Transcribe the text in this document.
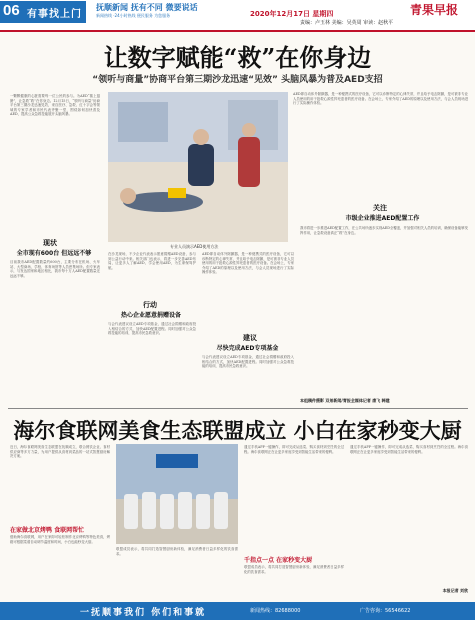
06 有事找上门
抚顺新闻 抚有不同 微要说话
新闻热线 ·24小时热线 便民服务 为您服务	2020年12月17日 星期四	青果早报
责编：卢玉林 美编：吴英周 审读：赵秋平
让数字赋能“救”在你身边
“领听与商量”协商平台第三期沙龙迅速“见效” 头脑风暴为普及AED支招
一颗颗健康的心脏需要每一位公民的参与。为AED“插上翅膀”，让急救“救”在你身边。12月15日，“领听与商量”协商平台第三期沙龙迅速见效，来自医疗、急救、红十字会等领域的专家学者和市民代表齐聚一堂，围绕如何加快普及AED、提高公众急救技能展开头脑风暴。
专业人员演示AED使用方法
AED即自动体外除颤器，是一种便携式的医疗设备，它可以诊断特定的心律失常，并且给予电击除颤，是可被非专业人员使用的用于抢救心源性猝死患者的医疗设备。在会场上，专家介绍了AED的原理以及使用方法，与会人员现场进行了实际操作体验。
关注
市级企业推进AED配置工作
我市将进一步推进AED配置工作，在公共场所逐步实现AED全覆盖，并加强对相关人员的培训，确保设备能够发挥作用，让急救设备真正“救”在身边。
现状
全市现有600台 但远远不够
目前我市AED配置数量约600台，主要分布在机场、火车站、大型商场、学校、体育场馆等人员密集场所。但专家表示，与发达国家和地区相比，我市每十万人AED配置数量还远远不够。
在沙龙现场，不少企业代表表示愿意捐赠AED设备，参与到公益行动中来。相关部门也表示，将进一步完善AED布局，让更多人了解AED、学会使用AED，为生命保驾护航。
行动
热心企业愿意捐赠设备
与会代表建议设立AED专项基金，通过社会捐赠和政府投入相结合的方式，加快AED配置进程。同时加强对公众急救技能的培训，提高市民急救意识。
AED即自动体外除颤器，是一种便携式的医疗设备，它可以诊断特定的心律失常，并且给予电击除颤，是可被非专业人员使用的用于抢救心源性猝死患者的医疗设备。在会场上，专家介绍了AED的原理以及使用方法，与会人员现场进行了实际操作体验。
建议
尽快完成AED专项基金
与会代表建议设立AED专项基金，通过社会捐赠和政府投入相结合的方式，加快AED配置进程。同时加强对公众急救技能的培训，提高市民急救意识。
本组稿件摄影 双弟新闻/青报全媒体记者 康飞 韩建
海尔食联网美食生态联盟成立 小白在家秒变大厨
近日，海尔食联网美食生态联盟在抚顺成立，联合餐饮企业、食材供应商等多方力量，为用户提供从食材到菜品的一站式智慧厨房解决方案。
在家做北京烤鸭 食联网帮忙
借助海尔食联网，用户在家即可轻松制作北京烤鸭等特色美食，烤箱可根据菜谱自动调节温度和时间，小白也能秒变大厨。
联盟成员表示，将共同打造智慧厨房新体验，满足消费者日益多样化的饮食需求。
通过手机APP一键操作，即可完成从选菜、购买食材到烹饪的全过程。海尔食联网正在让更多家庭享受到智能生活带来的便利。
千指点一点 在家秒变大厨
联盟成员表示，将共同打造智慧厨房新体验，满足消费者日益多样化的饮食需求。
通过手机APP一键操作，即可完成从选菜、购买食材到烹饪的全过程。海尔食联网正在让更多家庭享受到智能生活带来的便利。
本报记者 刘欣
一抚顺事我们 你们和事就	新闻热线：82688000	广告咨询：56546622
